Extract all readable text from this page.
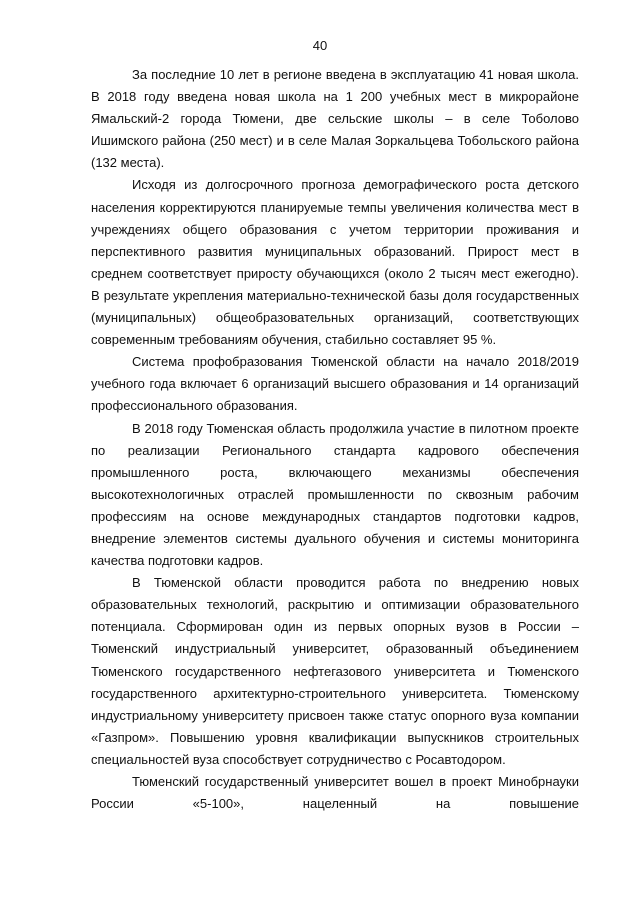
40

За последние 10 лет в регионе введена в эксплуатацию 41 новая школа. В 2018 году введена новая школа на 1 200 учебных мест в микрорайоне Ямальский-2 города Тюмени, две сельские школы – в селе Тоболово Ишимского района (250 мест) и в селе Малая Зоркальцева Тобольского района (132 места).

Исходя из долгосрочного прогноза демографического роста детского населения корректируются планируемые темпы увеличения количества мест в учреждениях общего образования с учетом территории проживания и перспективного развития муниципальных образований. Прирост мест в среднем соответствует приросту обучающихся (около 2 тысяч мест ежегодно). В результате укрепления материально-технической базы доля государственных (муниципальных) общеобразовательных организаций, соответствующих современным требованиям обучения, стабильно составляет 95 %.

Система профобразования Тюменской области на начало 2018/2019 учебного года включает 6 организаций высшего образования и 14 организаций профессионального образования.

В 2018 году Тюменская область продолжила участие в пилотном проекте по реализации Регионального стандарта кадрового обеспечения промышленного роста, включающего механизмы обеспечения высокотехнологичных отраслей промышленности по сквозным рабочим профессиям на основе международных стандартов подготовки кадров, внедрение элементов системы дуального обучения и системы мониторинга качества подготовки кадров.

В Тюменской области проводится работа по внедрению новых образовательных технологий, раскрытию и оптимизации образовательного потенциала. Сформирован один из первых опорных вузов в России – Тюменский индустриальный университет, образованный объединением Тюменского государственного нефтегазового университета и Тюменского государственного архитектурно-строительного университета. Тюменскому индустриальному университету присвоен также статус опорного вуза компании «Газпром». Повышению уровня квалификации выпускников строительных специальностей вуза способствует сотрудничество с Росавтодором.

Тюменский государственный университет вошел в проект Минобрнауки России «5-100», нацеленный на повышение
